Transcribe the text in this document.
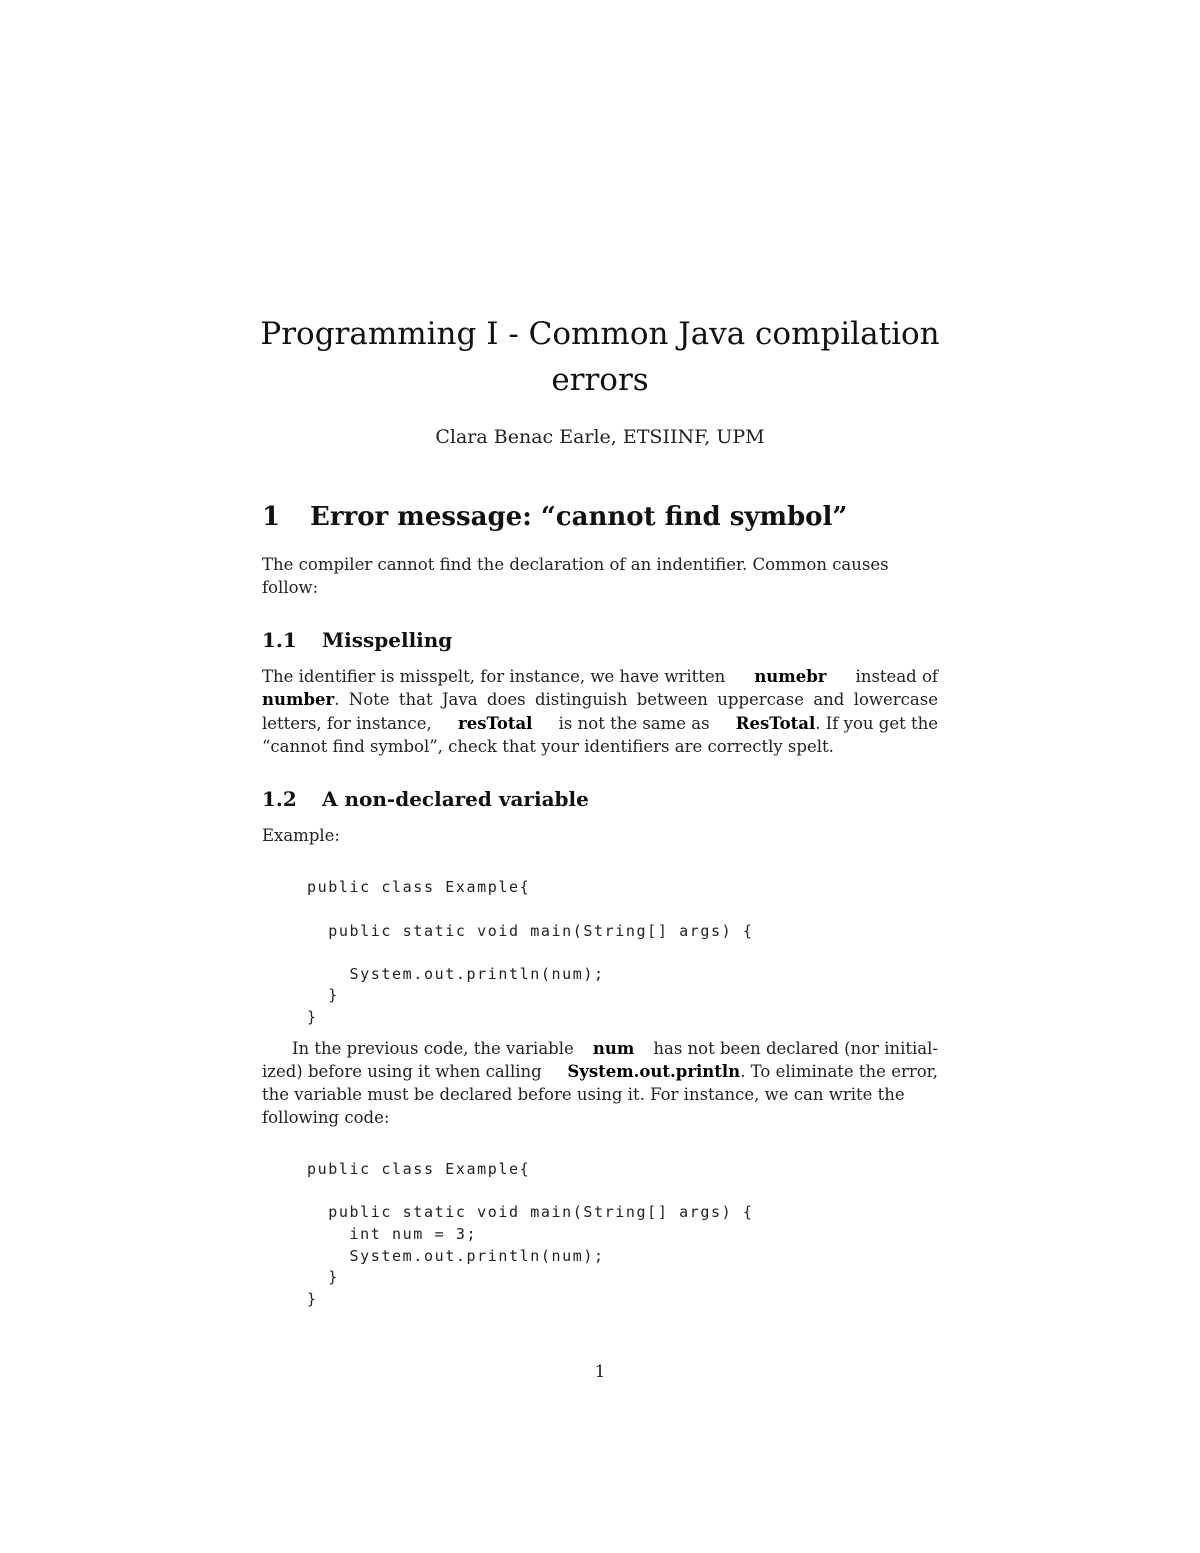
Programming I - Common Java compilation
errors
Clara Benac Earle, ETSIINF, UPM
1 Error message: “cannot find symbol”
The compiler cannot find the declaration of an indentifier. Common causes
follow:
1.1 Misspelling
The identifier is misspelt, for instance, we have written numebr instead of
number . Note that Java does distinguish between uppercase and lowercase
letters, for instance, resTotal is not the same as ResTotal. If you get the
“cannot find symbol”, check that your identifiers are correctly spelt.
1.2 A non-declared variable
Example:
public class Example{
public static void main(String[] args) {
System.out.println(num);
}
}
In the previous code, the variable num has not been declared (nor initial-
ized) before using it when calling System.out.println. To eliminate the error,
the variable must be declared before using it. For instance, we can write the
following code:
public class Example{
public static void main(String[] args) {
int num = 3;
System.out.println(num);
}
}
1
